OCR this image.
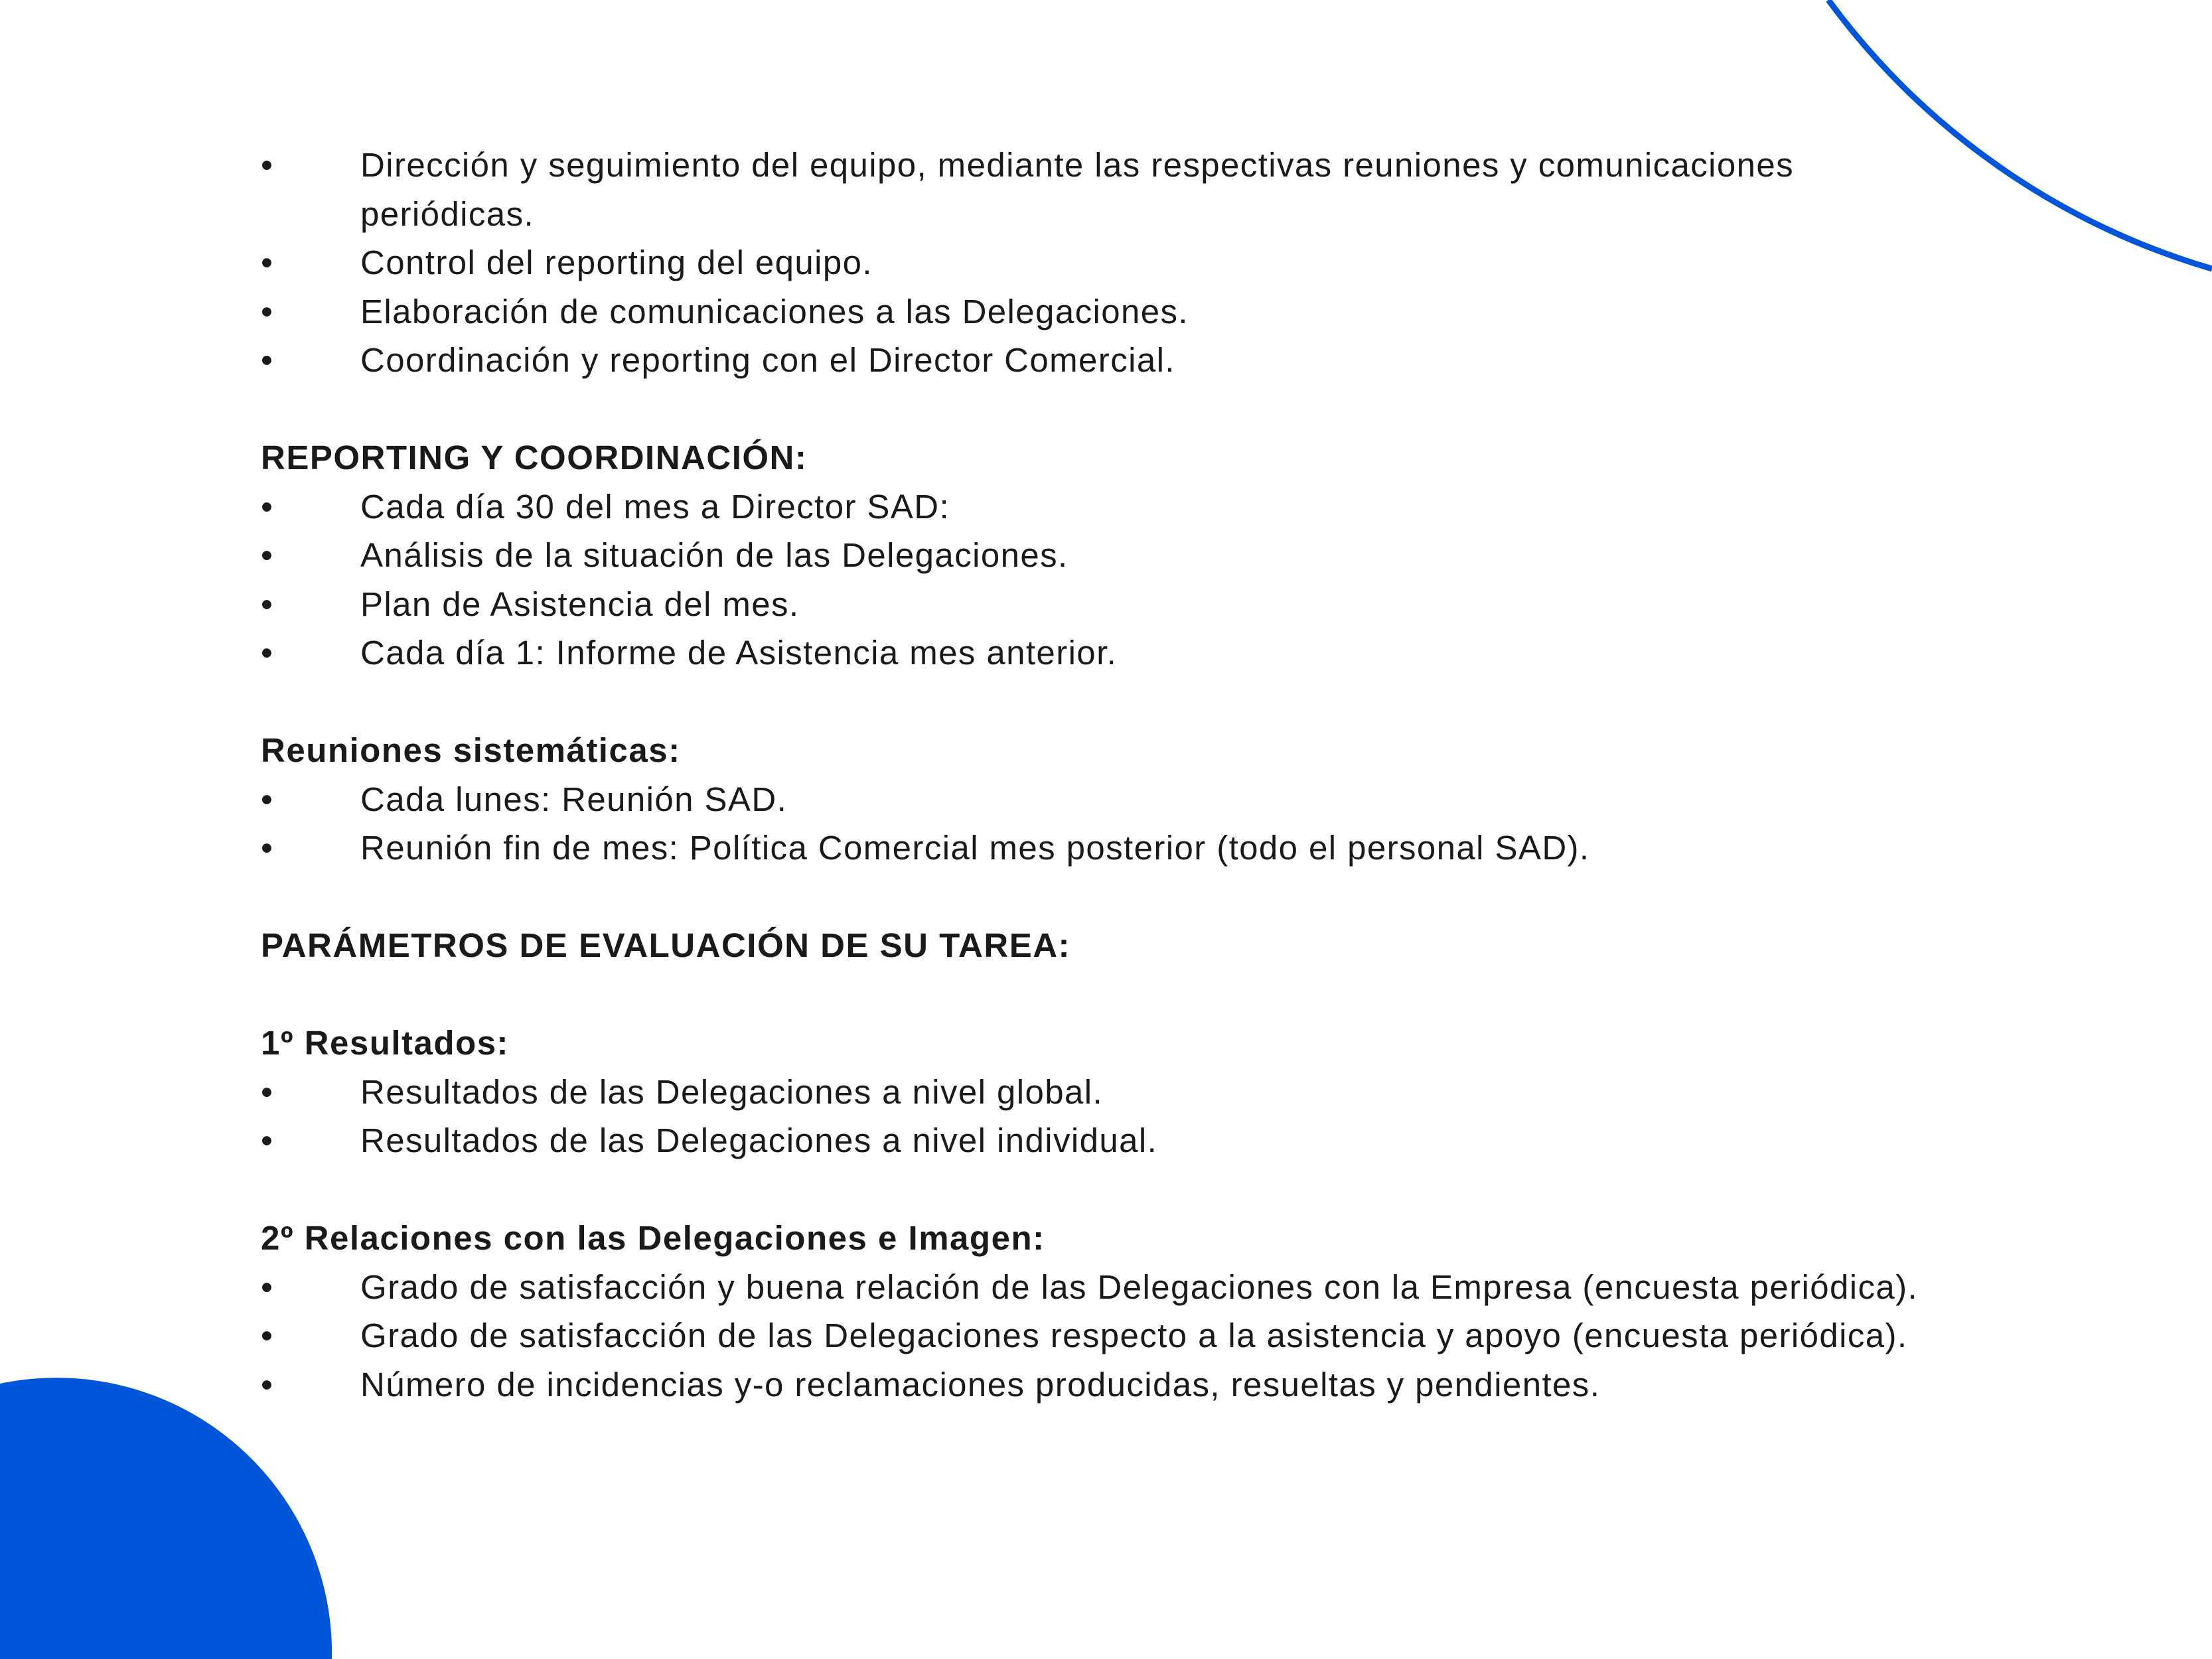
•	Dirección y seguimiento del equipo, mediante las respectivas reuniones y comunicaciones periódicas.
•	Control del reporting del equipo.
•	Elaboración de comunicaciones a las Delegaciones.
•	Coordinación y reporting con el Director Comercial.
REPORTING Y COORDINACIÓN:
•	Cada día 30 del mes a Director SAD:
•	Análisis de la situación de las Delegaciones.
•	Plan de Asistencia del mes.
•	Cada día 1: Informe de Asistencia mes anterior.
Reuniones sistemáticas:
•	Cada lunes: Reunión SAD.
•	Reunión fin de mes: Política Comercial mes posterior (todo el personal SAD).
PARÁMETROS DE EVALUACIÓN DE SU TAREA:
1º Resultados:
•	Resultados de las Delegaciones a nivel global.
•	Resultados de las Delegaciones a nivel individual.
2º Relaciones con las Delegaciones e Imagen:
•	Grado de satisfacción y buena relación de las Delegaciones con la Empresa (encuesta periódica).
•	Grado de satisfacción de las Delegaciones respecto a la asistencia y apoyo (encuesta periódica).
•	Número de incidencias y-o reclamaciones producidas, resueltas y pendientes.
